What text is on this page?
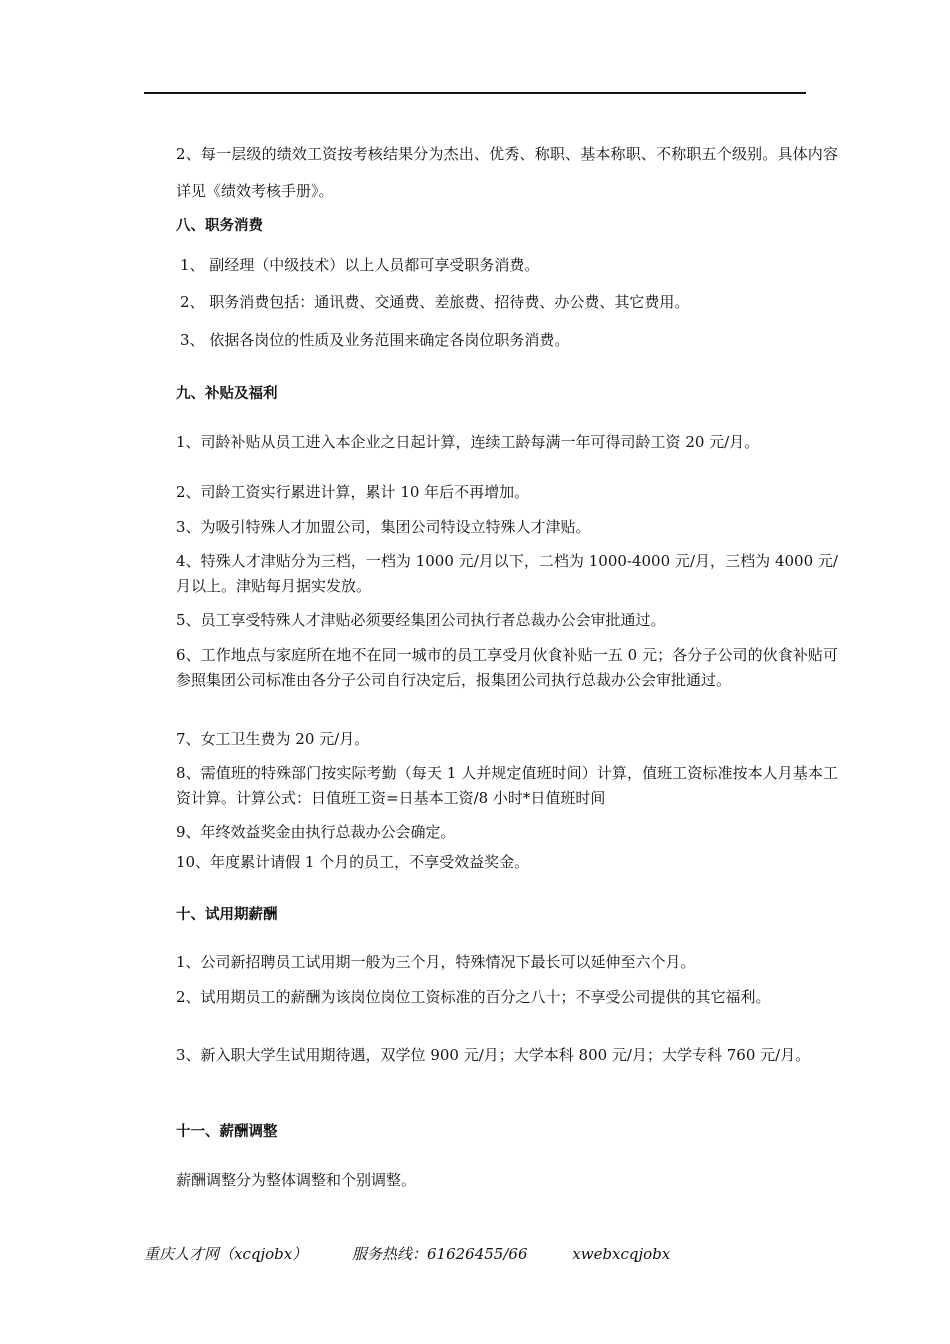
2、每一层级的绩效工资按考核结果分为杰出、优秀、称职、基本称职、不称职五个级别。具体内容详见《绩效考核手册》。
八、职务消费
1、 副经理（中级技术）以上人员都可享受职务消费。
2、 职务消费包括：通讯费、交通费、差旅费、招待费、办公费、其它费用。
3、 依据各岗位的性质及业务范围来确定各岗位职务消费。
九、补贴及福利
1、司龄补贴从员工进入本企业之日起计算，连续工龄每满一年可得司龄工资 20 元/月。
2、司龄工资实行累进计算，累计 10 年后不再增加。
3、为吸引特殊人才加盟公司，集团公司特设立特殊人才津贴。
4、特殊人才津贴分为三档，一档为 1000 元/月以下，二档为 1000-4000 元/月，三档为 4000 元/月以上。津贴每月据实发放。
5、员工享受特殊人才津贴必须要经集团公司执行者总裁办公会审批通过。
6、工作地点与家庭所在地不在同一城市的员工享受月伙食补贴一五 0 元；各分子公司的伙食补贴可参照集团公司标准由各分子公司自行决定后，报集团公司执行总裁办公会审批通过。
7、女工卫生费为 20 元/月。
8、需值班的特殊部门按实际考勤（每天 1 人并规定值班时间）计算，值班工资标准按本人月基本工资计算。计算公式：日值班工资=日基本工资/8 小时*日值班时间
9、年终效益奖金由执行总裁办公会确定。
10、年度累计请假 1 个月的员工，不享受效益奖金。
十、试用期薪酬
1、公司新招聘员工试用期一般为三个月，特殊情况下最长可以延伸至六个月。
2、试用期员工的薪酬为该岗位岗位工资标准的百分之八十；不享受公司提供的其它福利。
3、新入职大学生试用期待遇，双学位 900 元/月；大学本科 800 元/月；大学专科 760 元/月。
十一、薪酬调整
薪酬调整分为整体调整和个别调整。
重庆人才网（xcqjobx）	服务热线：61626455/66	xwebxcqjobx
